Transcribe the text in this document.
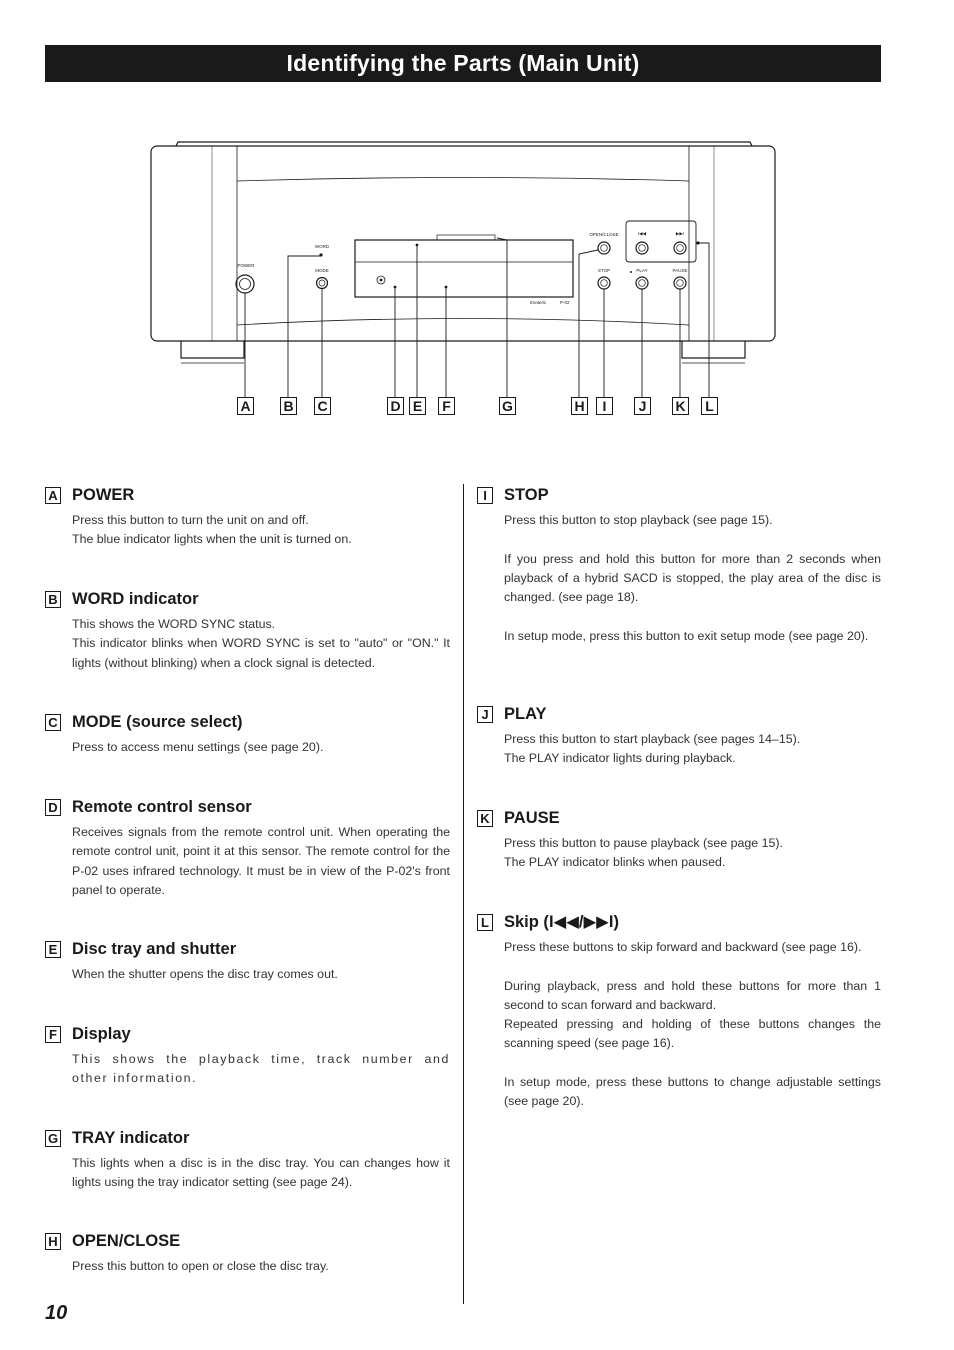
Identifying the Parts (Main Unit)
POWER
WORD
MODE
OPEN/CLOSE
STOP	PLAY	PAUSE
I◀◀	▶▶I
Esoteric	P-02
A B C	D E	F	G	H	I	J	K	L
A POWER

Press this button to turn the unit on and off.

The blue indicator lights when the unit is turned on.

B WORD indicator

This shows the WORD SYNC status.

This indicator blinks when WORD SYNC is set to "auto" or "ON." It lights (without blinking) when a clock signal is detected.

C MODE (source select)

Press to access menu settings (see page 20).

D Remote control sensor

Receives signals from the remote control unit. When operating the remote control unit, point it at this sensor. The remote control for the P-02 uses infrared technology. It must be in view of the P-02's front panel to operate.

E Disc tray and shutter

When the shutter opens the disc tray comes out.

F Display

This shows the playback time, track number and other information.

G TRAY indicator

This lights when a disc is in the disc tray. You can changes how it lights using the tray indicator setting (see page 24).

H OPEN/CLOSE

Press this button to open or close the disc tray.

I	STOP

Press this button to stop playback (see page 15).

If you press and hold this button for more than 2 seconds when playback of a hybrid SACD is stopped, the play area of the disc is changed. (see page 18).

In setup mode, press this button to exit setup mode (see page 20).

J PLAY

Press this button to start playback (see pages 14–15).

The PLAY indicator lights during playback.

K PAUSE

Press this button to pause playback (see page 15).

The PLAY indicator blinks when paused.

L Skip (I◀◀/▶▶I)

Press these buttons to skip forward and backward (see page 16).

During playback, press and hold these buttons for more than 1 second to scan forward and backward.

Repeated pressing and holding of these buttons changes the scanning speed (see page 16).

In setup mode, press these buttons to change adjustable settings (see page 20).

10
